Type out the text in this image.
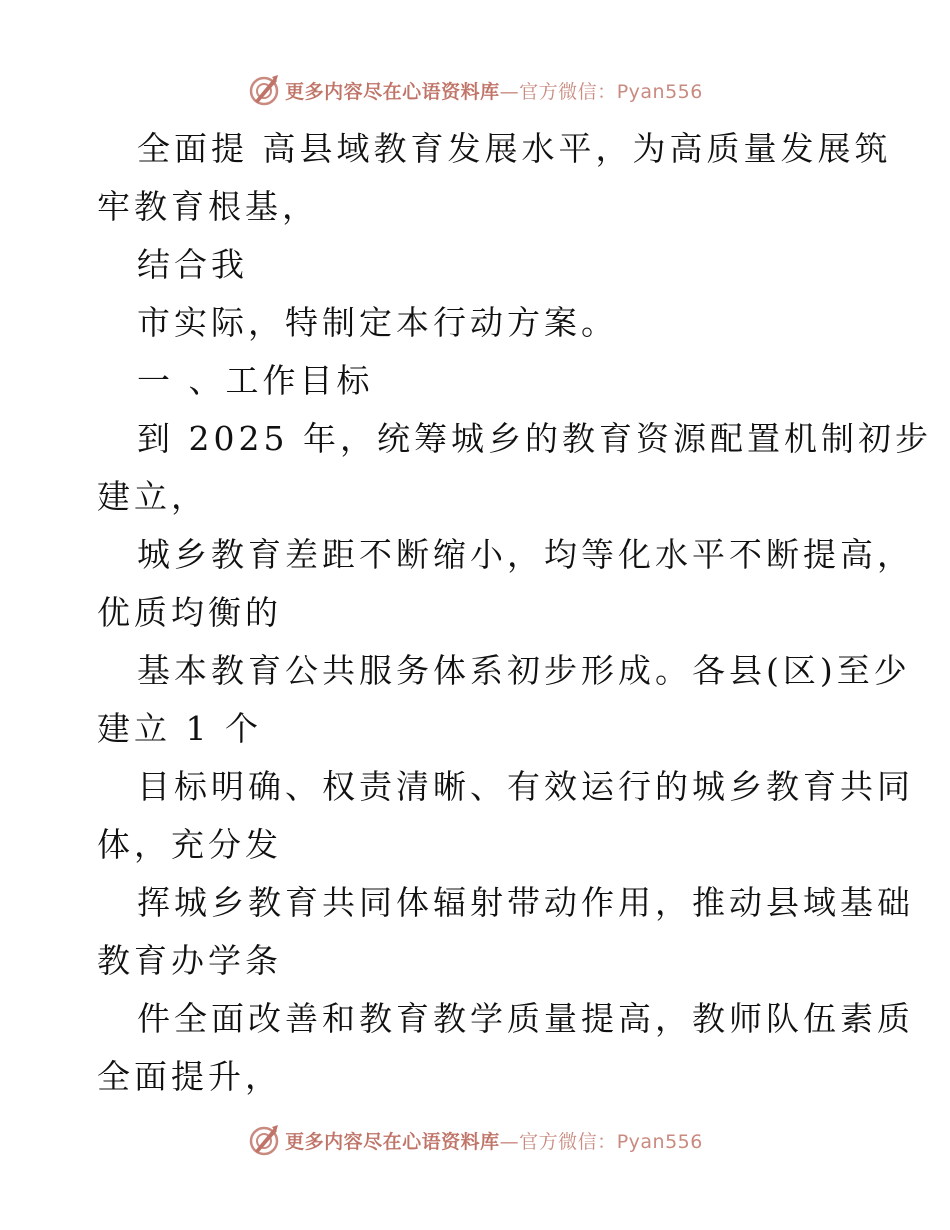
更多内容尽在心语资料库—官方微信：Pyan556
全面提 高县域教育发展水平，为高质量发展筑
牢教育根基，
结合我
市实际，特制定本行动方案。
一 、工作目标
到 2025 年，统筹城乡的教育资源配置机制初步
建立，
城乡教育差距不断缩小，均等化水平不断提高，
优质均衡的
基本教育公共服务体系初步形成。各县(区)至少
建立 1 个
目标明确、权责清晰、有效运行的城乡教育共同
体，充分发
挥城乡教育共同体辐射带动作用，推动县域基础
教育办学条
件全面改善和教育教学质量提高，教师队伍素质
全面提升，
更多内容尽在心语资料库—官方微信：Pyan556
